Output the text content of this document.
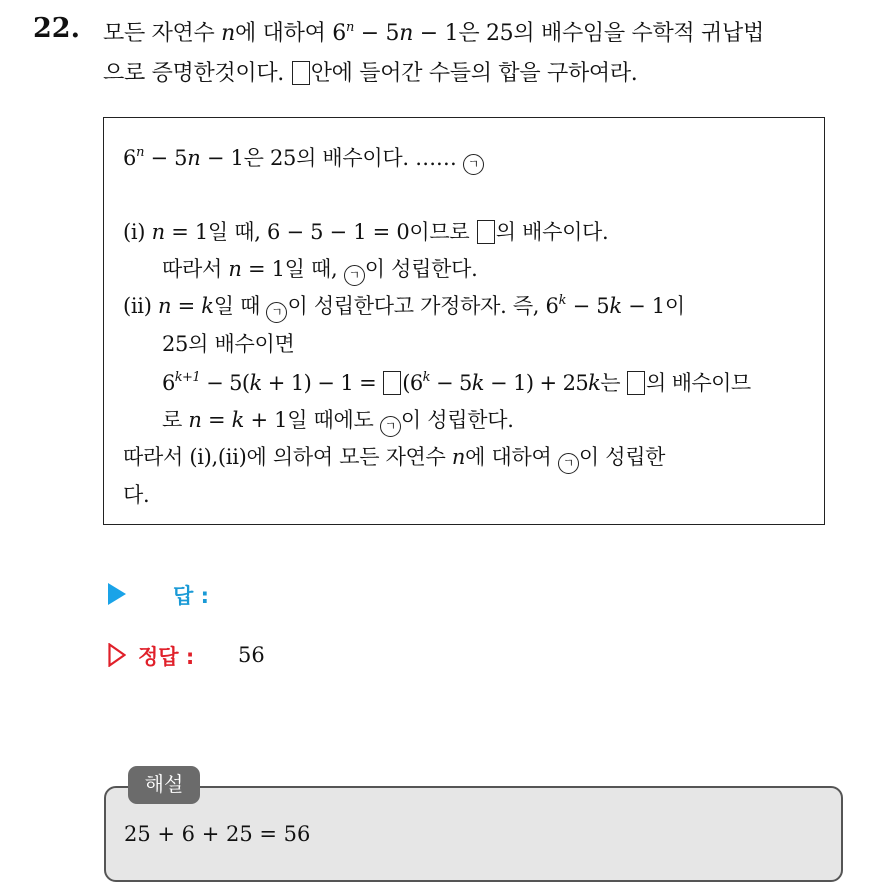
22. 모든 자연수 n에 대하여 $6^n - 5n - 1$은 25의 배수임을 수학적 귀납법
으로 증명한것이다. 안에 들어간 수들의 합을 구하여라.
$6^n - 5n - 1$은 25의 배수이다. …… ㄱ
(i) n = 1일 때, 6 − 5 − 1 = 0이므로 의 배수이다.
따라서 n = 1일 때, ㄱ 이 성립한다.
(ii) n = k일 때 ㄱ 이 성립한다고 가정하자. 즉, $6^k - 5k - 1$이
25의 배수이면
$6^{k+1} - 5(k + 1) - 1 = (6^k - 5k - 1) + 25k$는 의 배수이므
로 n = k + 1일 때에도 ㄱ 이 성립한다.
따라서 (i),(ii)에 의하여 모든 자연수 n에 대하여 ㄱ 이 성립한
다.
답 :
정답 : 56
해설
25 + 6 + 25 = 56
